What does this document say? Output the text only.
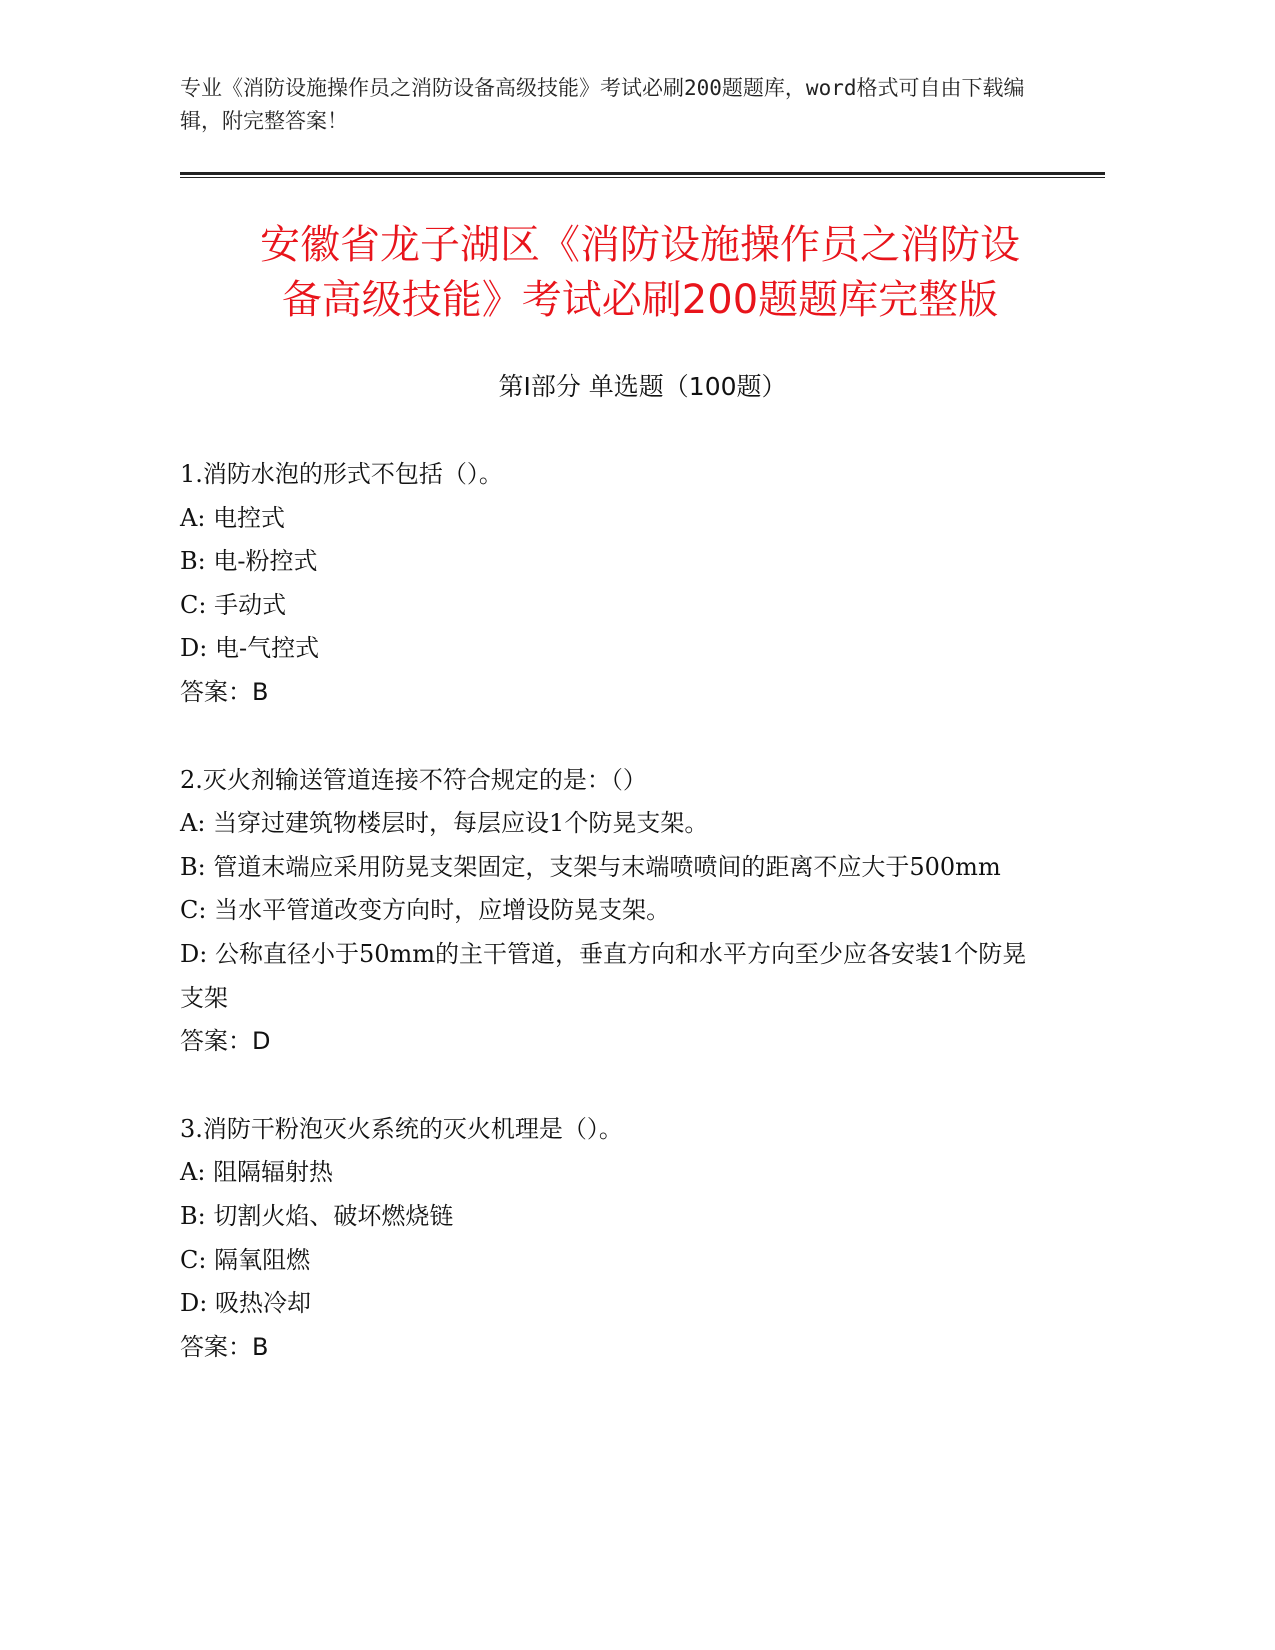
专业《消防设施操作员之消防设备高级技能》考试必刷200题题库，word格式可自由下载编辑，附完整答案！
安徽省龙子湖区《消防设施操作员之消防设
备高级技能》考试必刷200题题库完整版
第I部分 单选题（100题）
1.消防水泡的形式不包括（）。
A: 电控式
B: 电-粉控式
C: 手动式
D: 电-气控式
答案：B
2.灭火剂输送管道连接不符合规定的是：（）
A: 当穿过建筑物楼层时，每层应设1个防晃支架。
B: 管道末端应采用防晃支架固定，支架与末端喷喷间的距离不应大于500mm
C: 当水平管道改变方向时，应增设防晃支架。
D: 公称直径小于50mm的主干管道，垂直方向和水平方向至少应各安装1个防晃支架
答案：D
3.消防干粉泡灭火系统的灭火机理是（）。
A: 阻隔辐射热
B: 切割火焰、破坏燃烧链
C: 隔氧阻燃
D: 吸热冷却
答案：B
